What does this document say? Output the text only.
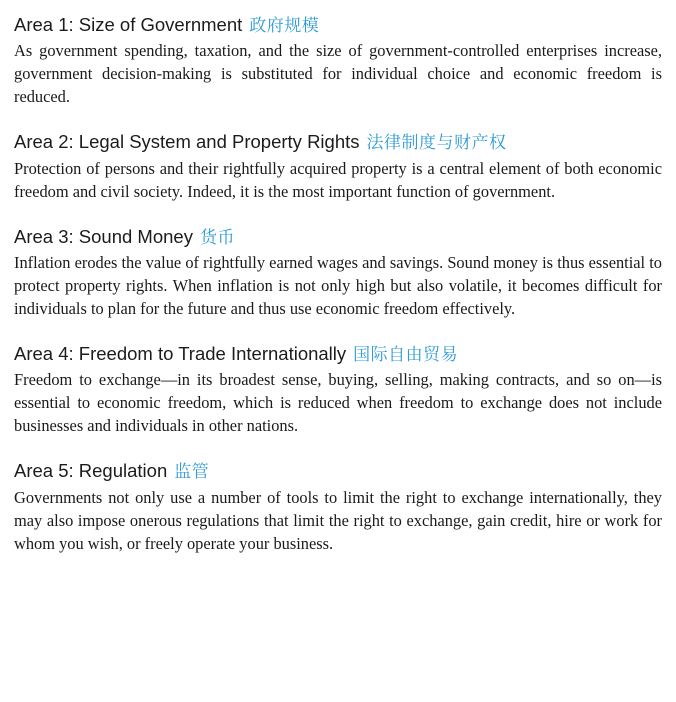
Area 1: Size of Government 政府规模

As government spending, taxation, and the size of government-controlled enterprises increase, government decision-making is substituted for individual choice and economic freedom is reduced.

Area 2: Legal System and Property Rights 法律制度与财产权

Protection of persons and their rightfully acquired property is a central element of both economic freedom and civil society. Indeed, it is the most important function of government.

Area 3: Sound Money 货币

Inflation erodes the value of rightfully earned wages and savings. Sound money is thus essential to protect property rights. When inflation is not only high but also volatile, it becomes difficult for individuals to plan for the future and thus use economic freedom effectively.

Area 4: Freedom to Trade Internationally 国际自由贸易

Freedom to exchange—in its broadest sense, buying, selling, making contracts, and so on—is essential to economic freedom, which is reduced when freedom to exchange does not include businesses and individuals in other nations.

Area 5: Regulation 监管

Governments not only use a number of tools to limit the right to exchange internationally, they may also impose onerous regulations that limit the right to exchange, gain credit, hire or work for whom you wish, or freely operate your business.
